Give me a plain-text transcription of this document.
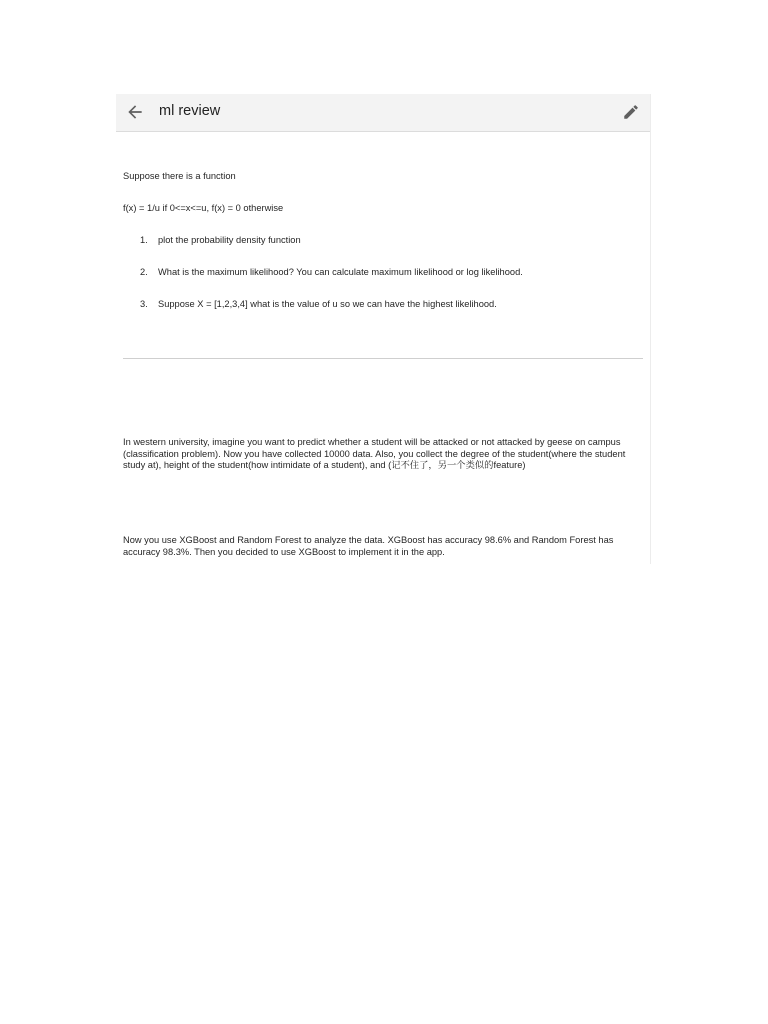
ml review
Suppose there is a function
f(x) = 1/u if 0<=x<=u, f(x) = 0 otherwise
1. plot the probability density function
2. What is the maximum likelihood? You can calculate maximum likelihood or log likelihood.
3. Suppose X = [1,2,3,4] what is the value of u so we can have the highest likelihood.
In western university, imagine you want to predict whether a student will be attacked or not attacked by geese on campus (classification problem). Now you have collected 10000 data. Also, you collect the degree of the student(where the student study at), height of the student(how intimidate of a student), and (记不住了，另一个类似的feature)
Now you use XGBoost and Random Forest to analyze the data. XGBoost has accuracy 98.6% and Random Forest has accuracy 98.3%. Then you decided to use XGBoost to implement it in the app.
